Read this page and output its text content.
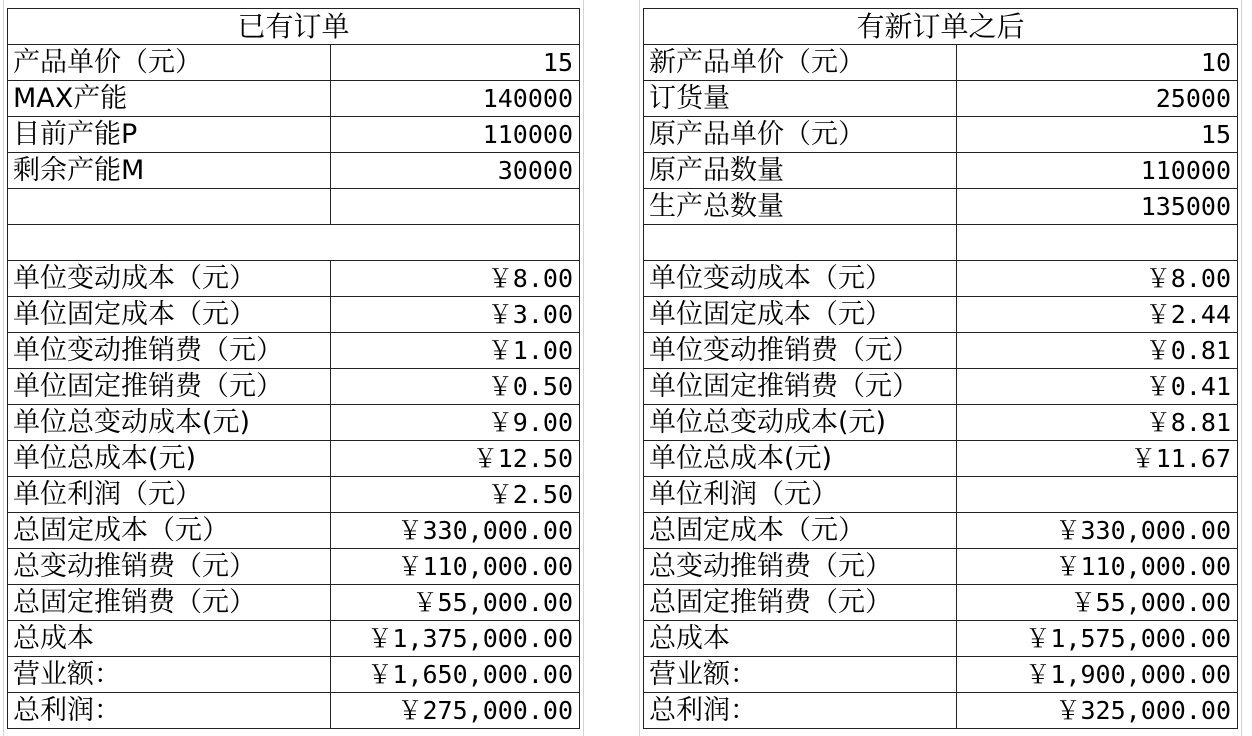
已有订单	
产品单价（元）	15
MAX产能	140000
目前产能P	110000
剩余产能M	30000

单位变动成本（元）	￥8.00
单位固定成本（元）	￥3.00
单位变动推销费（元）	￥1.00
单位固定推销费（元）	￥0.50
单位总变动成本(元)	￥9.00
单位总成本(元)	￥12.50
单位利润（元）	￥2.50
总固定成本（元）	￥330,000.00
总变动推销费（元）	￥110,000.00
总固定推销费（元）	￥55,000.00
总成本	￥1,375,000.00
营业额：	￥1,650,000.00
总利润：	￥275,000.00
有新订单之后	
新产品单价（元）	10
订货量	25000
原产品单价（元）	15
原产品数量	110000
生产总数量	135000

单位变动成本（元）	￥8.00
单位固定成本（元）	￥2.44
单位变动推销费（元）	￥0.81
单位固定推销费（元）	￥0.41
单位总变动成本(元)	￥8.81
单位总成本(元)	￥11.67
单位利润（元）	
总固定成本（元）	￥330,000.00
总变动推销费（元）	￥110,000.00
总固定推销费（元）	￥55,000.00
总成本	￥1,575,000.00
营业额：	￥1,900,000.00
总利润：	￥325,000.00
